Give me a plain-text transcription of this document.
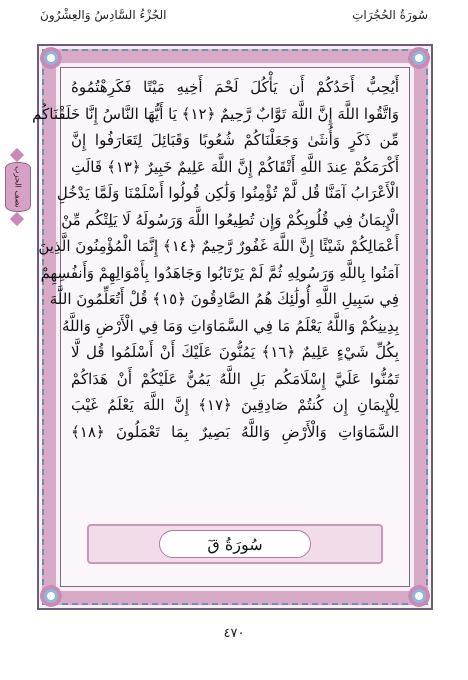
الجُزْءُ السَّادِسُ وَالعِشْرُونَ	سُورَةُ الحُجُرَاتِ
نصف الحزب
أَيُحِبُّ أَحَدُكُمْ أَن يَأْكُلَ لَحْمَ أَخِيهِ مَيْتًا فَكَرِهْتُمُوهُ
وَاتَّقُوا اللَّهَ إِنَّ اللَّهَ تَوَّابٌ رَّحِيمٌ ﴿١٢﴾ يَا أَيُّهَا النَّاسُ إِنَّا خَلَقْنَاكُم
مِّن ذَكَرٍ وَأُنثَىٰ وَجَعَلْنَاكُمْ شُعُوبًا وَقَبَائِلَ لِتَعَارَفُوا إِنَّ
أَكْرَمَكُمْ عِندَ اللَّهِ أَتْقَاكُمْ إِنَّ اللَّهَ عَلِيمٌ خَبِيرٌ ﴿١٣﴾ قَالَتِ
الْأَعْرَابُ آمَنَّا قُل لَّمْ تُؤْمِنُوا وَلَٰكِن قُولُوا أَسْلَمْنَا وَلَمَّا يَدْخُلِ
الْإِيمَانُ فِي قُلُوبِكُمْ وَإِن تُطِيعُوا اللَّهَ وَرَسُولَهُ لَا يَلِتْكُم مِّنْ
أَعْمَالِكُمْ شَيْئًا إِنَّ اللَّهَ غَفُورٌ رَّحِيمٌ ﴿١٤﴾ إِنَّمَا الْمُؤْمِنُونَ الَّذِينَ
آمَنُوا بِاللَّهِ وَرَسُولِهِ ثُمَّ لَمْ يَرْتَابُوا وَجَاهَدُوا بِأَمْوَالِهِمْ وَأَنفُسِهِمْ
فِي سَبِيلِ اللَّهِ أُولَٰئِكَ هُمُ الصَّادِقُونَ ﴿١٥﴾ قُلْ أَتُعَلِّمُونَ اللَّهَ
بِدِينِكُمْ وَاللَّهُ يَعْلَمُ مَا فِي السَّمَاوَاتِ وَمَا فِي الْأَرْضِ وَاللَّهُ
بِكُلِّ شَيْءٍ عَلِيمٌ ﴿١٦﴾ يَمُنُّونَ عَلَيْكَ أَنْ أَسْلَمُوا قُل لَّا
تَمُنُّوا عَلَيَّ إِسْلَامَكُم بَلِ اللَّهُ يَمُنُّ عَلَيْكُمْ أَنْ هَدَاكُمْ
لِلْإِيمَانِ إِن كُنتُمْ صَادِقِينَ ﴿١٧﴾ إِنَّ اللَّهَ يَعْلَمُ غَيْبَ
السَّمَاوَاتِ وَالْأَرْضِ وَاللَّهُ بَصِيرٌ بِمَا تَعْمَلُونَ ﴿١٨﴾
سُورَةُ قٓ
٤٧٠
